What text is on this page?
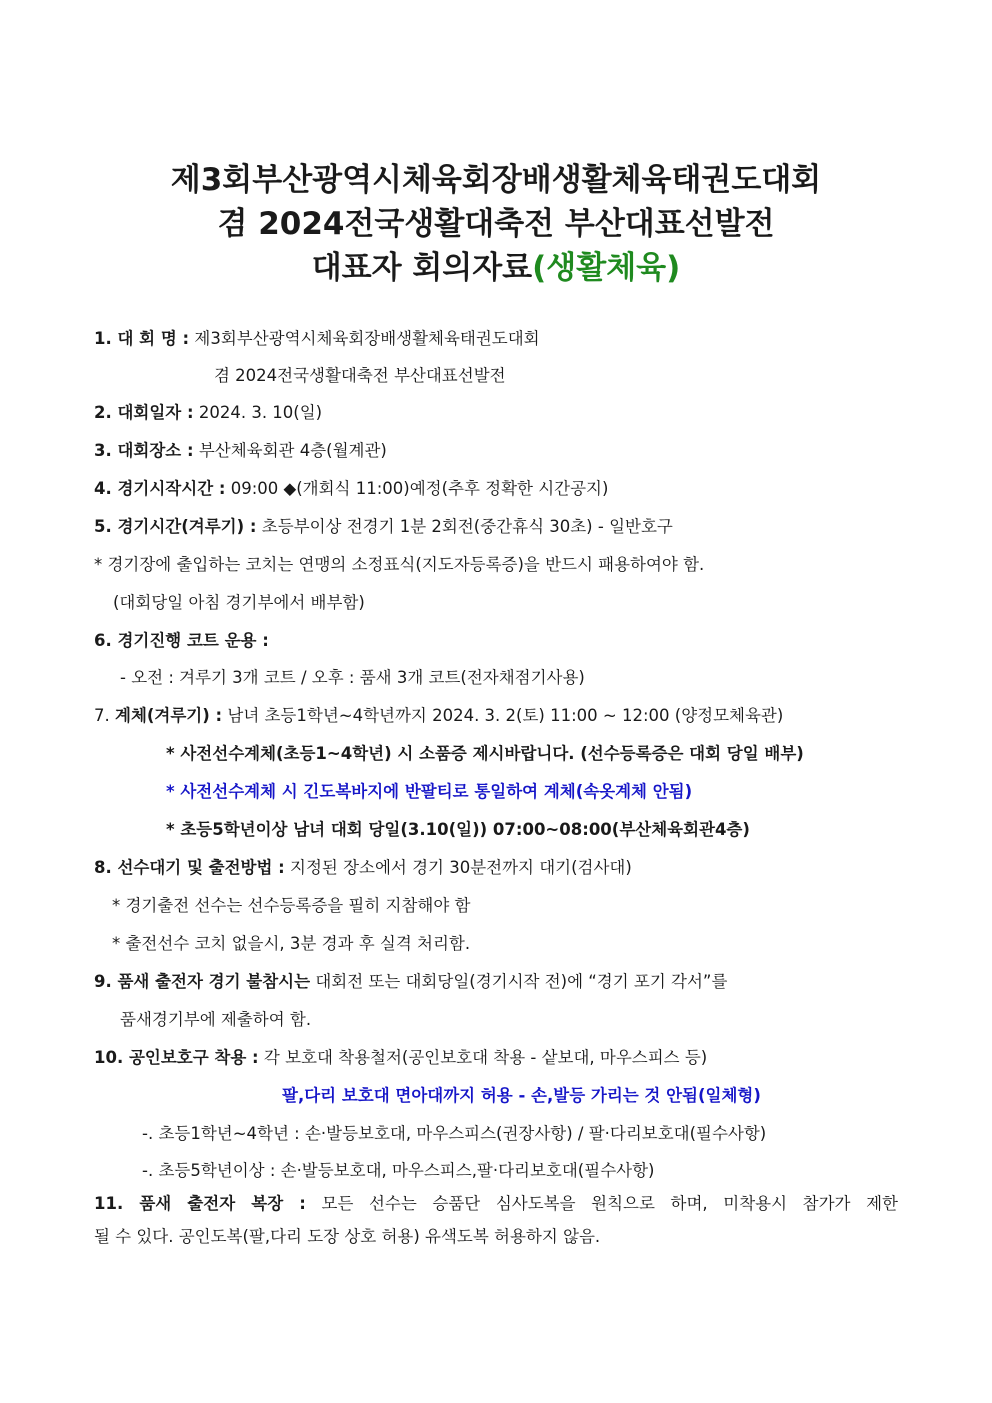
제3회부산광역시체육회장배생활체육태권도대회
겸 2024전국생활대축전 부산대표선발전
대표자 회의자료(생활체육)
1. 대 회 명 : 제3회부산광역시체육회장배생활체육태권도대회
겸 2024전국생활대축전 부산대표선발전
2. 대회일자 : 2024. 3. 10(일)
3. 대회장소 : 부산체육회관 4층(월계관)
4. 경기시작시간 : 09:00 ◆(개회식 11:00)예정(추후 정확한 시간공지)
5. 경기시간(겨루기) : 초등부이상 전경기 1분 2회전(중간휴식 30초) - 일반호구
* 경기장에 출입하는 코치는 연맹의 소정표식(지도자등록증)을 반드시 패용하여야 함.
(대회당일 아침 경기부에서 배부함)
6. 경기진행 코트 운용 :
- 오전 : 겨루기 3개 코트 / 오후 : 품새 3개 코트(전자채점기사용)
7. 계체(겨루기) : 남녀 초등1학년~4학년까지 2024. 3. 2(토) 11:00 ~ 12:00 (양정모체육관)
* 사전선수계체(초등1~4학년) 시 소품증 제시바랍니다. (선수등록증은 대회 당일 배부)
* 사전선수계체 시 긴도복바지에 반팔티로 통일하여 계체(속옷계체 안됨)
* 초등5학년이상 남녀 대회 당일(3.10(일)) 07:00~08:00(부산체육회관4층)
8. 선수대기 및 출전방법 : 지정된 장소에서 경기 30분전까지 대기(검사대)
* 경기출전 선수는 선수등록증을 필히 지참해야 함
* 출전선수 코치 없을시, 3분 경과 후 실격 처리함.
9. 품새 출전자 경기 불참시는 대회전 또는 대회당일(경기시작 전)에 “경기 포기 각서”를
품새경기부에 제출하여 함.
10. 공인보호구 착용 : 각 보호대 착용철저(공인보호대 착용 - 샅보대, 마우스피스 등)
팔,다리 보호대 면아대까지 허용 - 손,발등 가리는 것 안됨(일체형)
-. 초등1학년~4학년 : 손·발등보호대, 마우스피스(권장사항) / 팔·다리보호대(필수사항)
-. 초등5학년이상 : 손·발등보호대, 마우스피스,팔·다리보호대(필수사항)
11. 품새 출전자 복장 : 모든 선수는 승품단 심사도복을 원칙으로 하며, 미착용시 참가가 제한
될 수 있다. 공인도복(팔,다리 도장 상호 허용) 유색도복 허용하지 않음.
